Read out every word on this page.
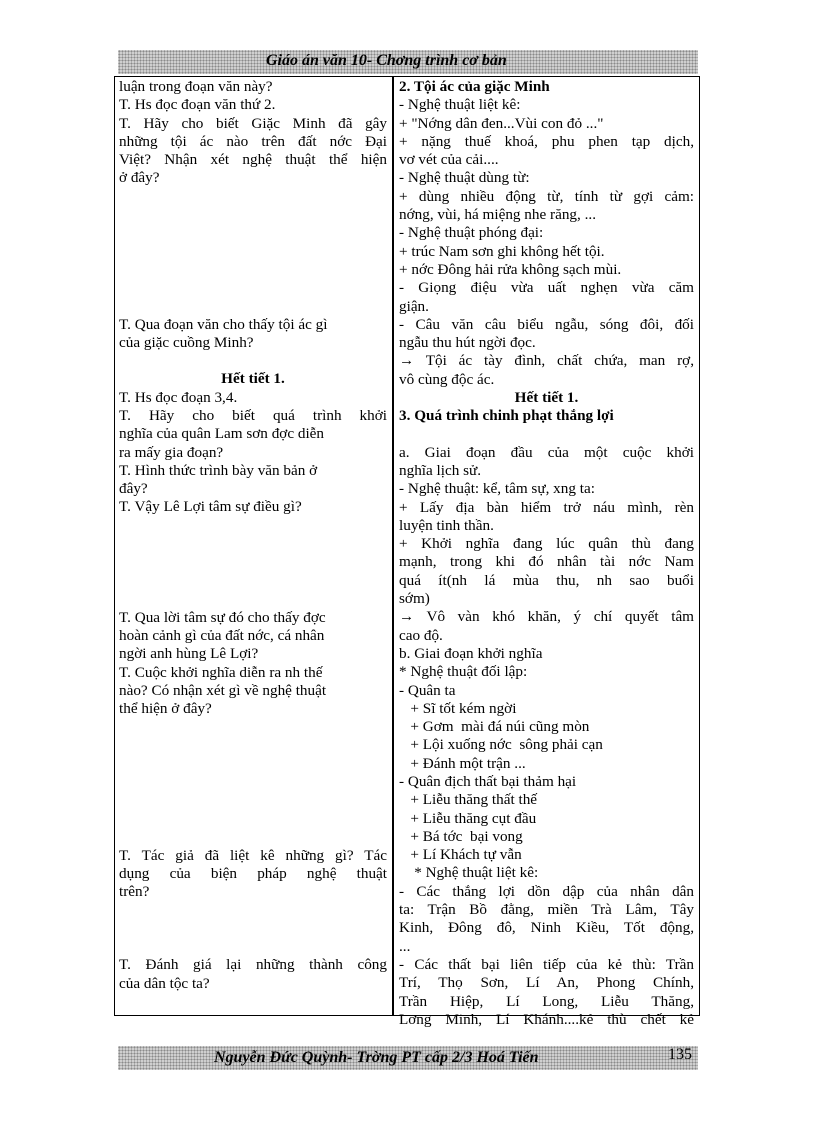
Giáo án văn 10- Chơng trình cơ bản
luận trong đoạn văn này?
T. Hs đọc đoạn văn thứ 2.
T. Hãy cho biết Giặc Minh đã gây
những tội ác nào trên đất nớc Đại
Việt? Nhận xét nghệ thuật thể hiện
ở đây?
T. Qua đoạn văn cho thấy tội ác gì
của giặc cuồng Minh?
Hết tiết 1.
T. Hs đọc đoạn 3,4.
T. Hãy cho biết quá trình khởi
nghĩa của quân Lam sơn đợc diễn
ra mấy gia đoạn?
T. Hình thức trình bày văn bản ở
đây?
T. Vậy Lê Lợi tâm sự điều gì?
T. Qua lời tâm sự đó cho thấy đợc
hoàn cảnh gì của đất nớc, cá nhân
ngời anh hùng Lê Lợi?
T. Cuộc khởi nghĩa diễn ra nh thế
nào? Có nhận xét gì về nghệ thuật
thể hiện ở đây?
T. Tác giả đã liệt kê những gì? Tác
dụng của biện pháp nghệ thuật
trên?
T. Đánh giá lại những thành công
của dân tộc ta?
2. Tội ác của giặc Minh
- Nghệ thuật liệt kê:
+ "Nớng dân đen...Vùi con đỏ ..."
+ nặng thuế khoá, phu phen tạp dịch,
vơ vét của cải....
- Nghệ thuật dùng từ:
+ dùng nhiều động từ, tính từ gợi cảm:
nớng, vùi, há miệng nhe răng, ...
- Nghệ thuật phóng đại:
+ trúc Nam sơn ghi không hết tội.
+ nớc Đông hải rửa không sạch mùi.
- Giọng điệu vừa uất nghẹn vừa căm
giận.
- Câu văn câu biểu ngẫu, sóng đôi, đối
ngẫu thu hút ngời đọc.
→ Tội ác tày đình, chất chứa, man rợ,
vô cùng độc ác.
Hết tiết 1.
3. Quá trình chinh phạt thắng lợi
a. Giai đoạn đầu của một cuộc khởi
nghĩa lịch sử.
- Nghệ thuật: kể, tâm sự, xng ta:
+ Lấy địa bàn hiểm trở náu mình, rèn
luyện tinh thần.
+ Khởi nghĩa đang lúc quân thù đang
mạnh, trong khi đó nhân tài nớc Nam
quá ít(nh lá mùa thu, nh sao buổi
sớm)
→ Vô vàn khó khăn, ý chí quyết tâm
cao độ.
b. Giai đoạn khởi nghĩa
* Nghệ thuật đối lập:
- Quân ta
+ Sĩ tốt kém ngời
+ Gơm  mài đá núi cũng mòn
+ Lội xuống nớc  sông phải cạn
+ Đánh một trận ...
- Quân địch thất bại thảm hại
+ Liễu thăng thất thế
+ Liễu thăng cụt đầu
+ Bá tớc  bại vong
+ Lí Khách tự vẫn
* Nghệ thuật liệt kê:
- Các thắng lợi dồn dập của nhân dân
ta: Trận Bồ đằng, miền Trà Lâm, Tây
Kinh, Đông đô, Ninh Kiều, Tốt động,
...
- Các thất bại liên tiếp của kẻ thù: Trần
Trí, Thọ Sơn, Lí An, Phong Chính,
Trần Hiệp, Lí Long, Liễu Thăng,
Lơng Minh, Lí Khánh....kẻ thù chết kẻ
Nguyễn Đức Quỳnh- Trờng PT cấp 2/3 Hoá Tiến	135
